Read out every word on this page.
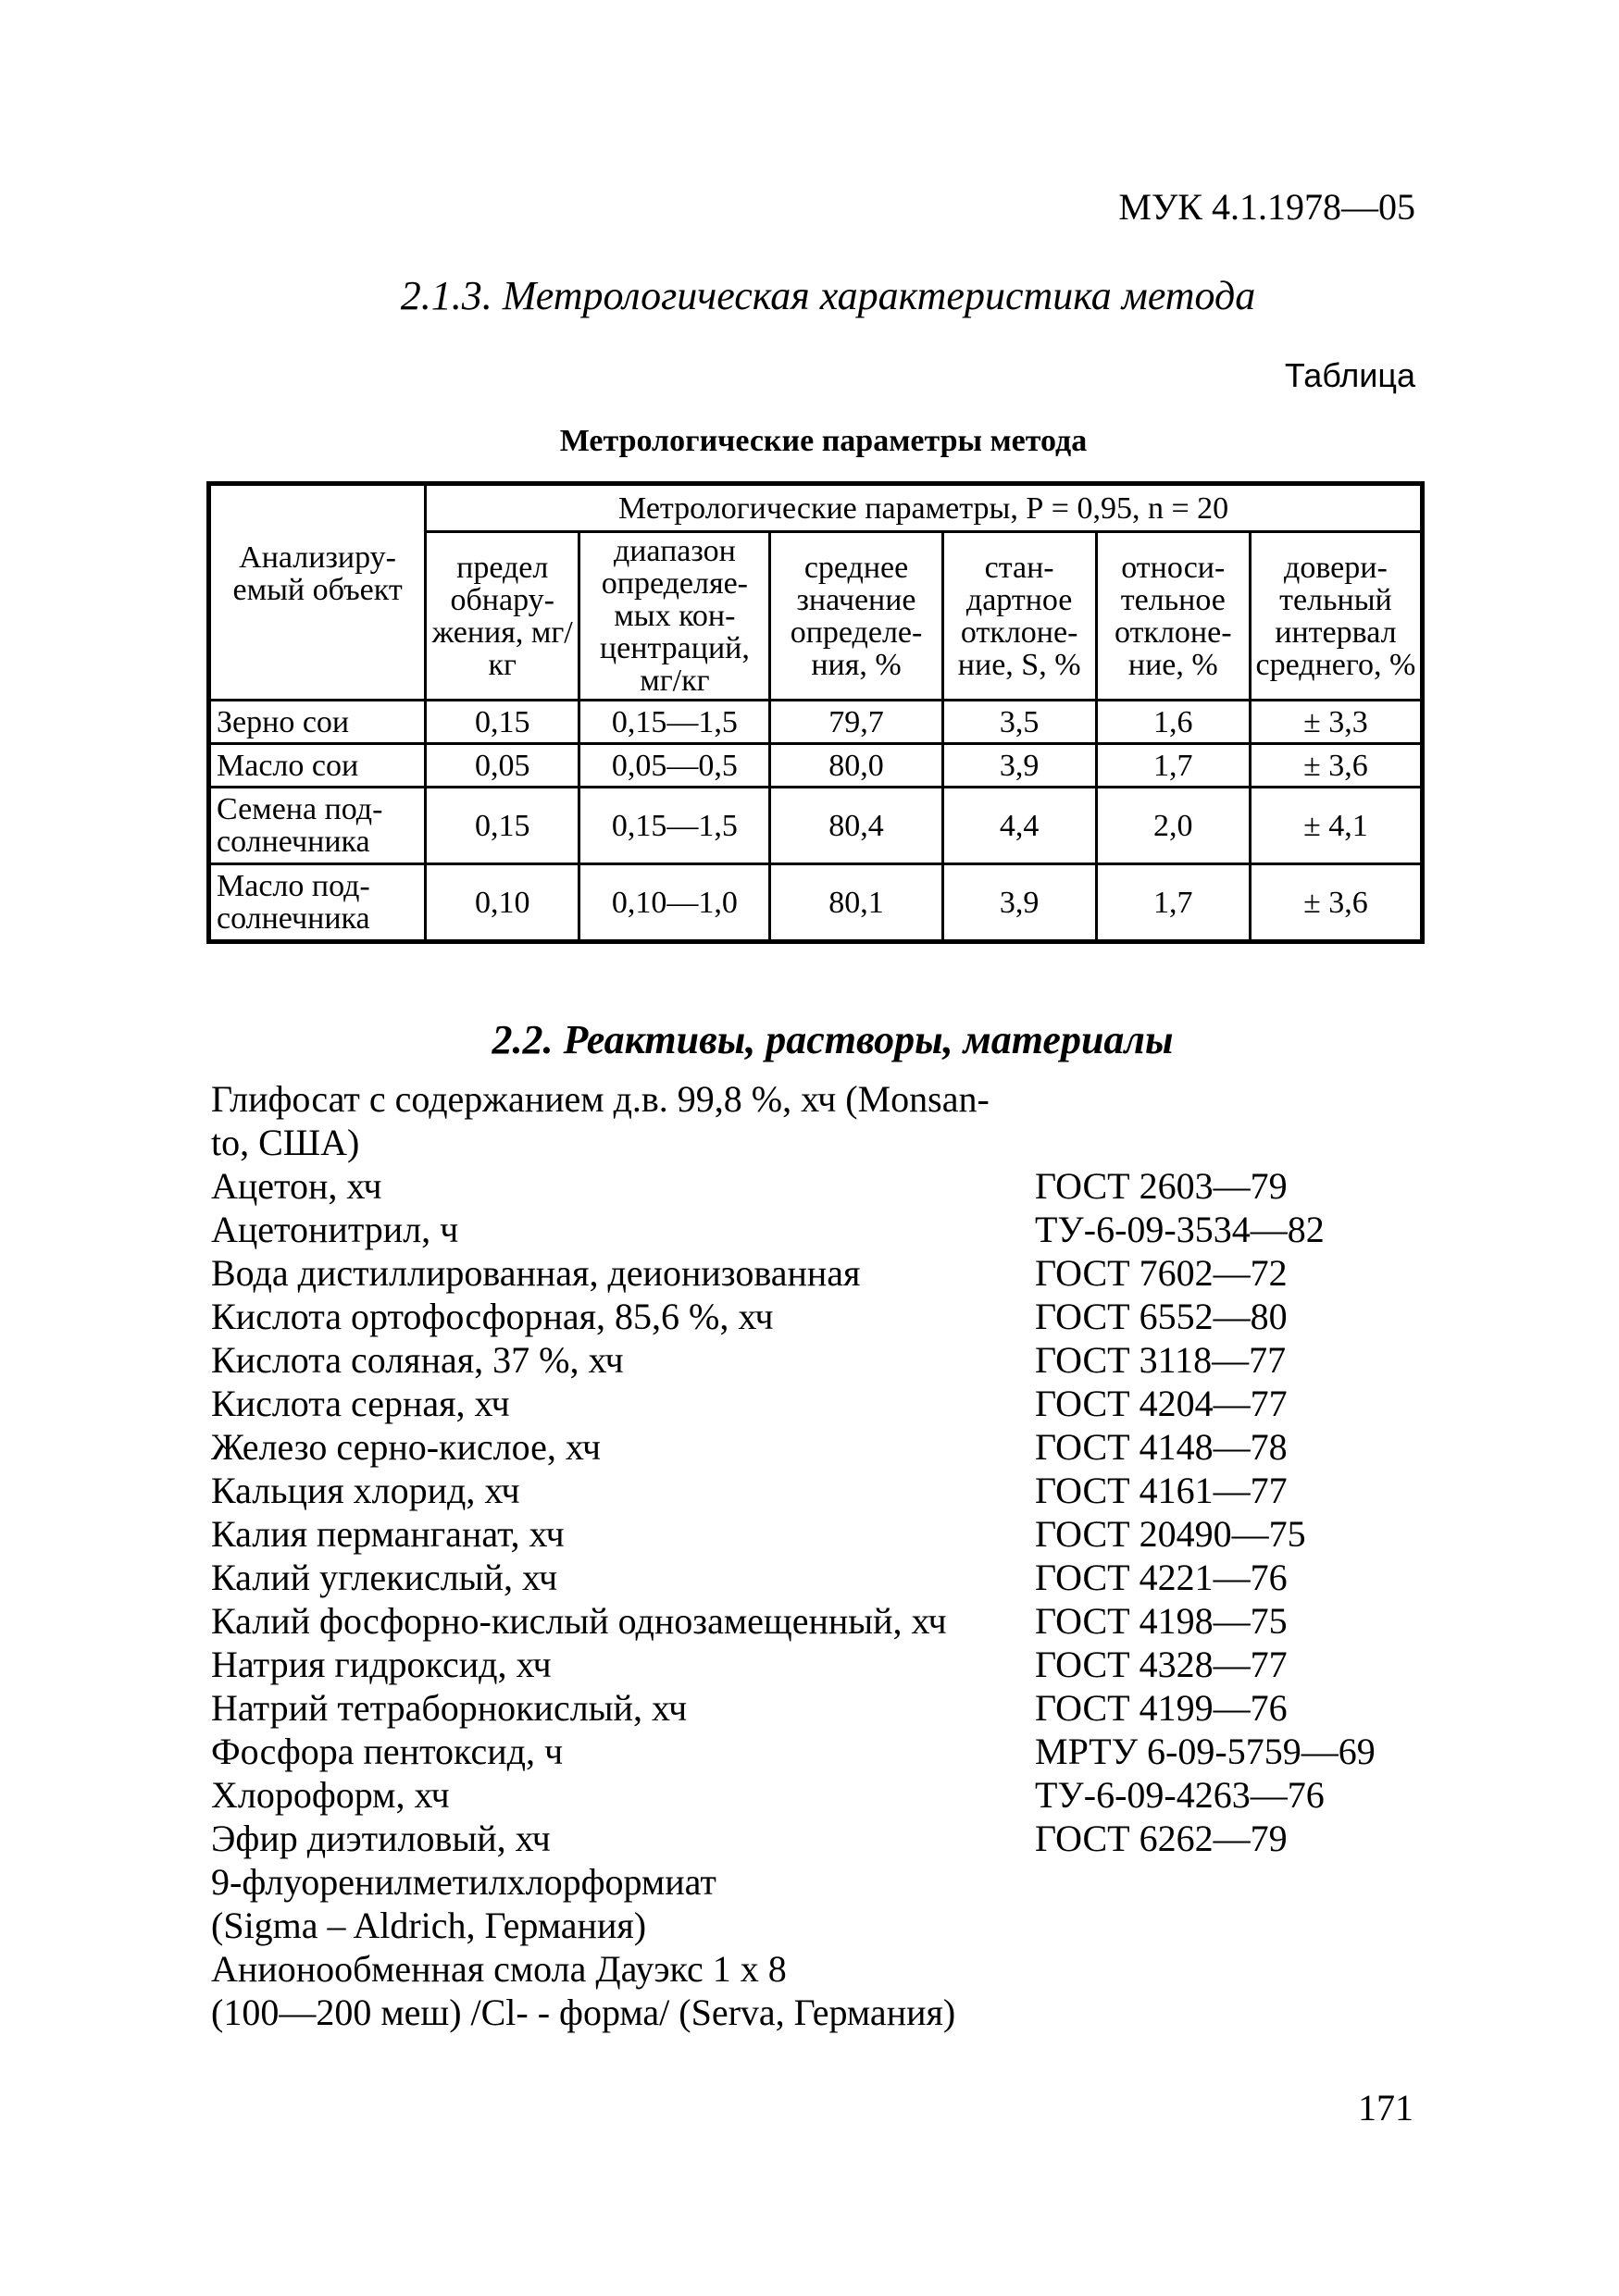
МУК 4.1.1978—05
2.1.3. Метрологическая характеристика метода
Таблица
Метрологические параметры метода
Анализиру-емый объект	Метрологические параметры, Р = 0,95, n = 20					
	предел обнару-жения, мг/кг	диапазон определяе-мых кон-центраций, мг/кг	среднее значение определе-ния, %	стан-дартное отклоне-ние, S, %	относи-тельное отклоне-ние, %	довери-тельный интервал среднего, %
Зерно сои	0,15	0,15—1,5	79,7	3,5	1,6	± 3,3
Масло сои	0,05	0,05—0,5	80,0	3,9	1,7	± 3,6
Семена под-солнечника	0,15	0,15—1,5	80,4	4,4	2,0	± 4,1
Масло под-солнечника	0,10	0,10—1,0	80,1	3,9	1,7	± 3,6
2.2. Реактивы, растворы, материалы
Глифосат с содержанием д.в. 99,8 %, хч (Monsan-
to, США)
Ацетон, хч	ГОСТ 2603—79
Ацетонитрил, ч	ТУ-6-09-3534—82
Вода дистиллированная, деионизованная	ГОСТ 7602—72
Кислота ортофосфорная, 85,6 %, хч	ГОСТ 6552—80
Кислота соляная, 37 %, хч	ГОСТ 3118—77
Кислота серная, хч	ГОСТ 4204—77
Железо серно-кислое, хч	ГОСТ 4148—78
Кальция хлорид, хч	ГОСТ 4161—77
Калия перманганат, хч	ГОСТ 20490—75
Калий углекислый, хч	ГОСТ 4221—76
Калий фосфорно-кислый однозамещенный, хч	ГОСТ 4198—75
Натрия гидроксид, хч	ГОСТ 4328—77
Натрий тетраборнокислый, хч	ГОСТ 4199—76
Фосфора пентоксид, ч	МРТУ 6-09-5759—69
Хлороформ, хч	ТУ-6-09-4263—76
Эфир диэтиловый, хч	ГОСТ 6262—79
9-флуоренилметилхлорформиат
(Sigma – Aldrich, Германия)
Анионообменная смола Дауэкс 1 х 8
(100—200 меш) /Cl- - форма/ (Serva, Германия)
171
